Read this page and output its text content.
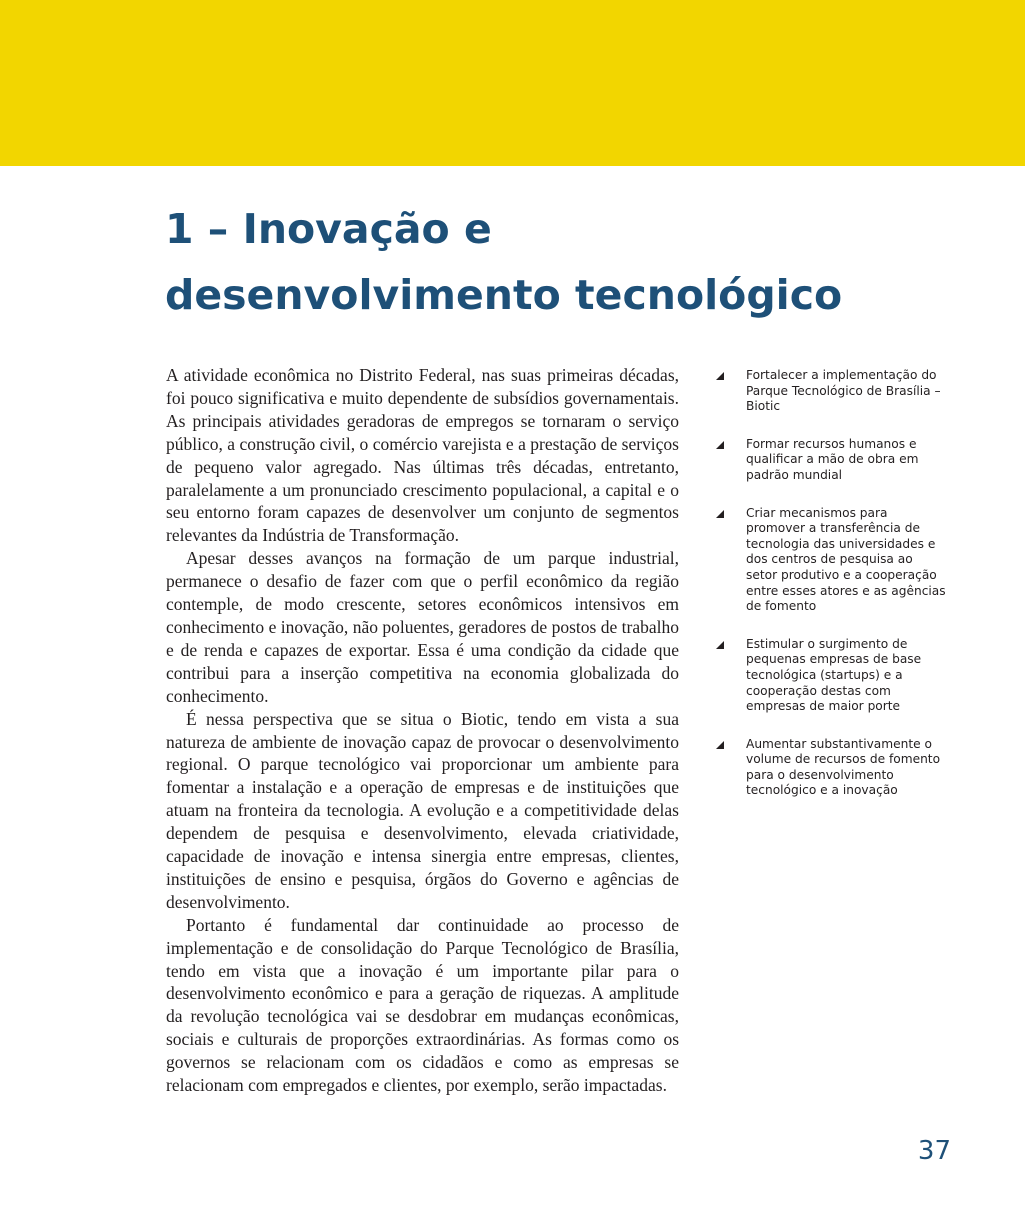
1 – Inovação e
desenvolvimento tecnológico

A atividade econômica no Distrito Federal, nas suas primeiras décadas, foi pouco significativa e muito dependente de subsídios governamentais. As principais atividades geradoras de empregos se tornaram o serviço público, a construção civil, o comércio varejista e a prestação de serviços de pequeno valor agregado. Nas últimas três décadas, entretanto, paralelamente a um pronunciado crescimento populacional, a capital e o seu entorno foram capazes de desenvolver um conjunto de segmentos relevantes da Indústria de Transformação.

Apesar desses avanços na formação de um parque industrial, permanece o desafio de fazer com que o perfil econômico da região contemple, de modo crescente, setores econômicos intensivos em conhecimento e inovação, não poluentes, geradores de postos de trabalho e de renda e capazes de exportar. Essa é uma condição da cidade que contribui para a inserção competitiva na economia globalizada do conhecimento.

É nessa perspectiva que se situa o Biotic, tendo em vista a sua natureza de ambiente de inovação capaz de provocar o desenvolvimento regional. O parque tecnológico vai proporcionar um ambiente para fomentar a instalação e a operação de empresas e de instituições que atuam na fronteira da tecnologia. A evolução e a competitividade delas dependem de pesquisa e desenvolvimento, elevada criatividade, capacidade de inovação e intensa sinergia entre empresas, clientes, instituições de ensino e pesquisa, órgãos do Governo e agências de desenvolvimento.

Portanto é fundamental dar continuidade ao processo de implementação e de consolidação do Parque Tecnológico de Brasília, tendo em vista que a inovação é um importante pilar para o desenvolvimento econômico e para a geração de riquezas. A amplitude da revolução tecnológica vai se desdobrar em mudanças econômicas, sociais e culturais de proporções extraordinárias. As formas como os governos se relacionam com os cidadãos e como as empresas se relacionam com empregados e clientes, por exemplo, serão impactadas.

Fortalecer a implementação do Parque Tecnológico de Brasília – Biotic
Formar recursos humanos e qualificar a mão de obra em padrão mundial
Criar mecanismos para promover a transferência de tecnologia das universidades e dos centros de pesquisa ao setor produtivo e a cooperação entre esses atores e as agências de fomento
Estimular o surgimento de pequenas empresas de base tecnológica (startups) e a cooperação destas com empresas de maior porte
Aumentar substantivamente o volume de recursos de fomento para o desenvolvimento tecnológico e a inovação
37
